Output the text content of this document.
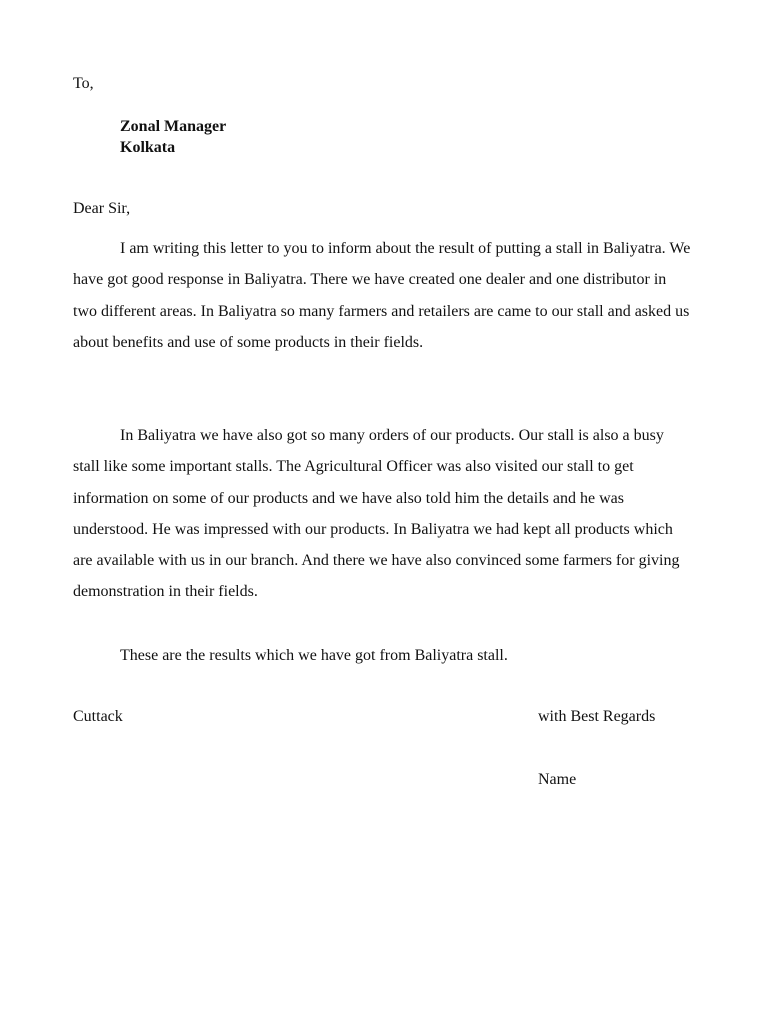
To,

Zonal Manager
Kolkata

Dear Sir,

I am writing this letter to you to inform about the result of putting a stall in Baliyatra. We have got good response in Baliyatra. There we have created one dealer and one distributor in two different areas. In Baliyatra so many farmers and retailers are came to our stall and asked us about benefits and use of some products in their fields.

In Baliyatra we have also got so many orders of our products. Our stall is also a busy stall like some important stalls. The Agricultural Officer was also visited our stall to get information on some of our products and we have also told him the details and he was understood. He was impressed with our products. In Baliyatra we had kept all products which are available with us in our branch. And there we have also convinced some farmers for giving demonstration in their fields.

These are the results which we have got from Baliyatra stall.

Cuttack	with Best Regards

Name
